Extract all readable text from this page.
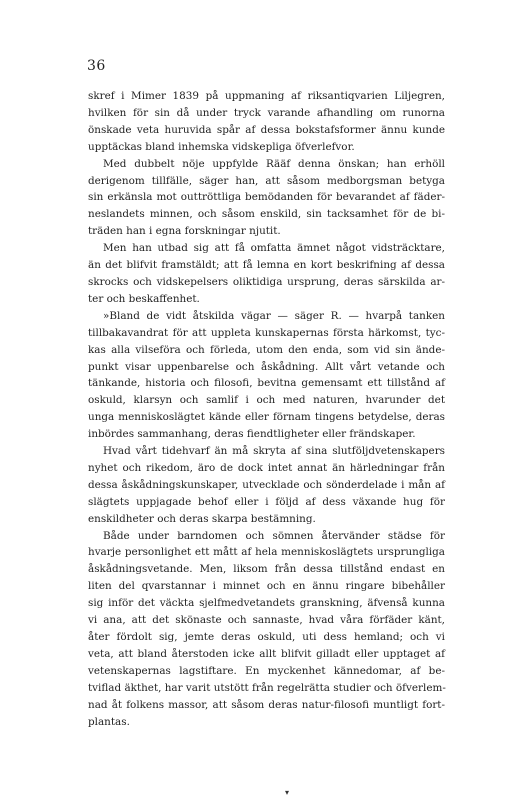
36
skref i Mimer 1839 på uppmaning af riksantiqvarien Liljegren,
hvilken för sin då under tryck varande afhandling om runorna
önskade veta huruvida spår af dessa bokstafsformer ännu kunde
upptäckas bland inhemska vidskepliga öfverlefvor.
Med dubbelt nöje uppfylde Rääf denna önskan; han erhöll
derigenom tillfälle, säger han, att såsom medborgsman betyga
sin erkänsla mot outtröttliga bemödanden för bevarandet af fäder-
neslandets minnen, och såsom enskild, sin tacksamhet för de bi-
träden han i egna forskningar njutit.
Men han utbad sig att få omfatta ämnet något vidsträcktare,
än det blifvit framstäldt; att få lemna en kort beskrifning af dessa
skrocks och vidskepelsers oliktidiga ursprung, deras särskilda ar-
ter och beskaffenhet.
»Bland de vidt åtskilda vägar — säger R. — hvarpå tanken
tillbakavandrat för att uppleta kunskapernas första härkomst, tyc-
kas alla vilseföra och förleda, utom den enda, som vid sin ände-
punkt visar uppenbarelse och åskådning. Allt vårt vetande och
tänkande, historia och filosofi, bevitna gemensamt ett tillstånd af
oskuld, klarsyn och samlif i och med naturen, hvarunder det
unga menniskoslägtet kände eller förnam tingens betydelse, deras
inbördes sammanhang, deras fiendtligheter eller frändskaper.
Hvad vårt tidehvarf än må skryta af sina slutföljdvetenskapers
nyhet och rikedom, äro de dock intet annat än härledningar från
dessa åskådningskunskaper, utvecklade och sönderdelade i mån af
slägtets uppjagade behof eller i följd af dess växande hug för
enskildheter och deras skarpa bestämning.
Både under barndomen och sömnen återvänder städse för
hvarje personlighet ett mått af hela menniskoslägtets ursprungliga
åskådningsvetande. Men, liksom från dessa tillstånd endast en
liten del qvarstannar i minnet och en ännu ringare bibehåller
sig inför det väckta sjelfmedvetandets granskning, äfvenså kunna
vi ana, att det skönaste och sannaste, hvad våra förfäder känt,
åter fördolt sig, jemte deras oskuld, uti dess hemland; och vi
veta, att bland återstoden icke allt blifvit gilladt eller upptaget af
vetenskapernas lagstiftare. En myckenhet kännedomar, af be-
tviflad äkthet, har varit utstött från regelrätta studier och öfverlem-
nad åt folkens massor, att såsom deras natur-filosofi muntligt fort-
plantas.
▾
